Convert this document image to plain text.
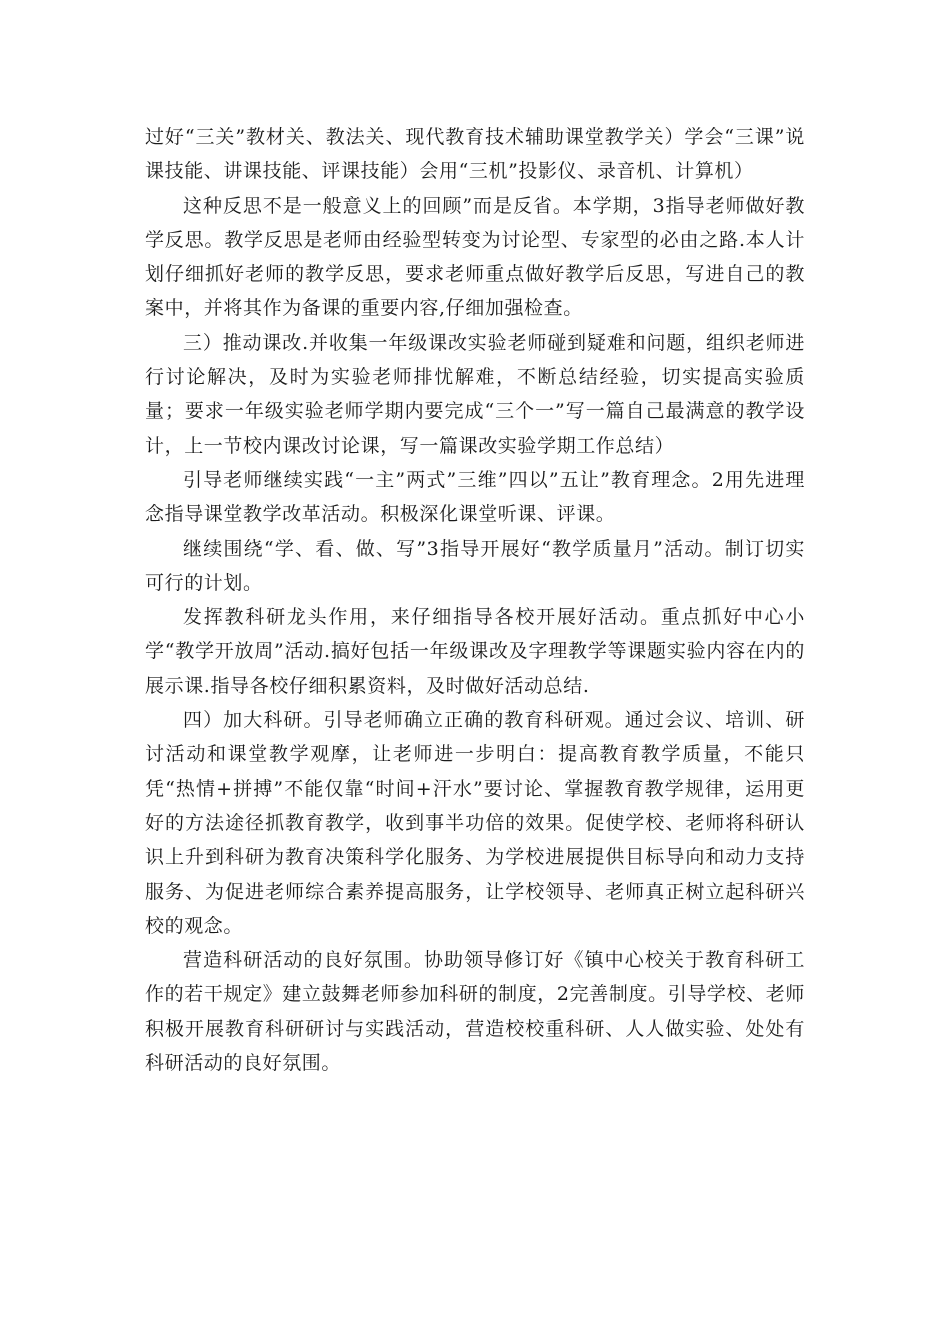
过好“三关”教材关、教法关、现代教育技术辅助课堂教学关）学会“三课”说课技能、讲课技能、评课技能）会用“三机”投影仪、录音机、计算机）

这种反思不是一般意义上的回顾”而是反省。本学期，3指导老师做好教学反思。教学反思是老师由经验型转变为讨论型、专家型的必由之路.本人计划仔细抓好老师的教学反思，要求老师重点做好教学后反思，写进自己的教案中，并将其作为备课的重要内容,仔细加强检查。

三）推动课改.并收集一年级课改实验老师碰到疑难和问题，组织老师进行讨论解决，及时为实验老师排忧解难，不断总结经验，切实提高实验质量；要求一年级实验老师学期内要完成“三个一”写一篇自己最满意的教学设计，上一节校内课改讨论课，写一篇课改实验学期工作总结）

引导老师继续实践“一主”两式”三维”四以”五让”教育理念。2用先进理念指导课堂教学改革活动。积极深化课堂听课、评课。

继续围绕“学、看、做、写”3指导开展好“教学质量月”活动。制订切实可行的计划。

发挥教科研龙头作用，来仔细指导各校开展好活动。重点抓好中心小学“教学开放周”活动.搞好包括一年级课改及字理教学等课题实验内容在内的展示课.指导各校仔细积累资料，及时做好活动总结.

四）加大科研。引导老师确立正确的教育科研观。通过会议、培训、研讨活动和课堂教学观摩，让老师进一步明白：提高教育教学质量，不能只凭“热情+拼搏”不能仅靠“时间+汗水”要讨论、掌握教育教学规律，运用更好的方法途径抓教育教学，收到事半功倍的效果。促使学校、老师将科研认识上升到科研为教育决策科学化服务、为学校进展提供目标导向和动力支持服务、为促进老师综合素养提高服务，让学校领导、老师真正树立起科研兴校的观念。

营造科研活动的良好氛围。协助领导修订好《镇中心校关于教育科研工作的若干规定》建立鼓舞老师参加科研的制度，2完善制度。引导学校、老师积极开展教育科研研讨与实践活动，营造校校重科研、人人做实验、处处有科研活动的良好氛围。
